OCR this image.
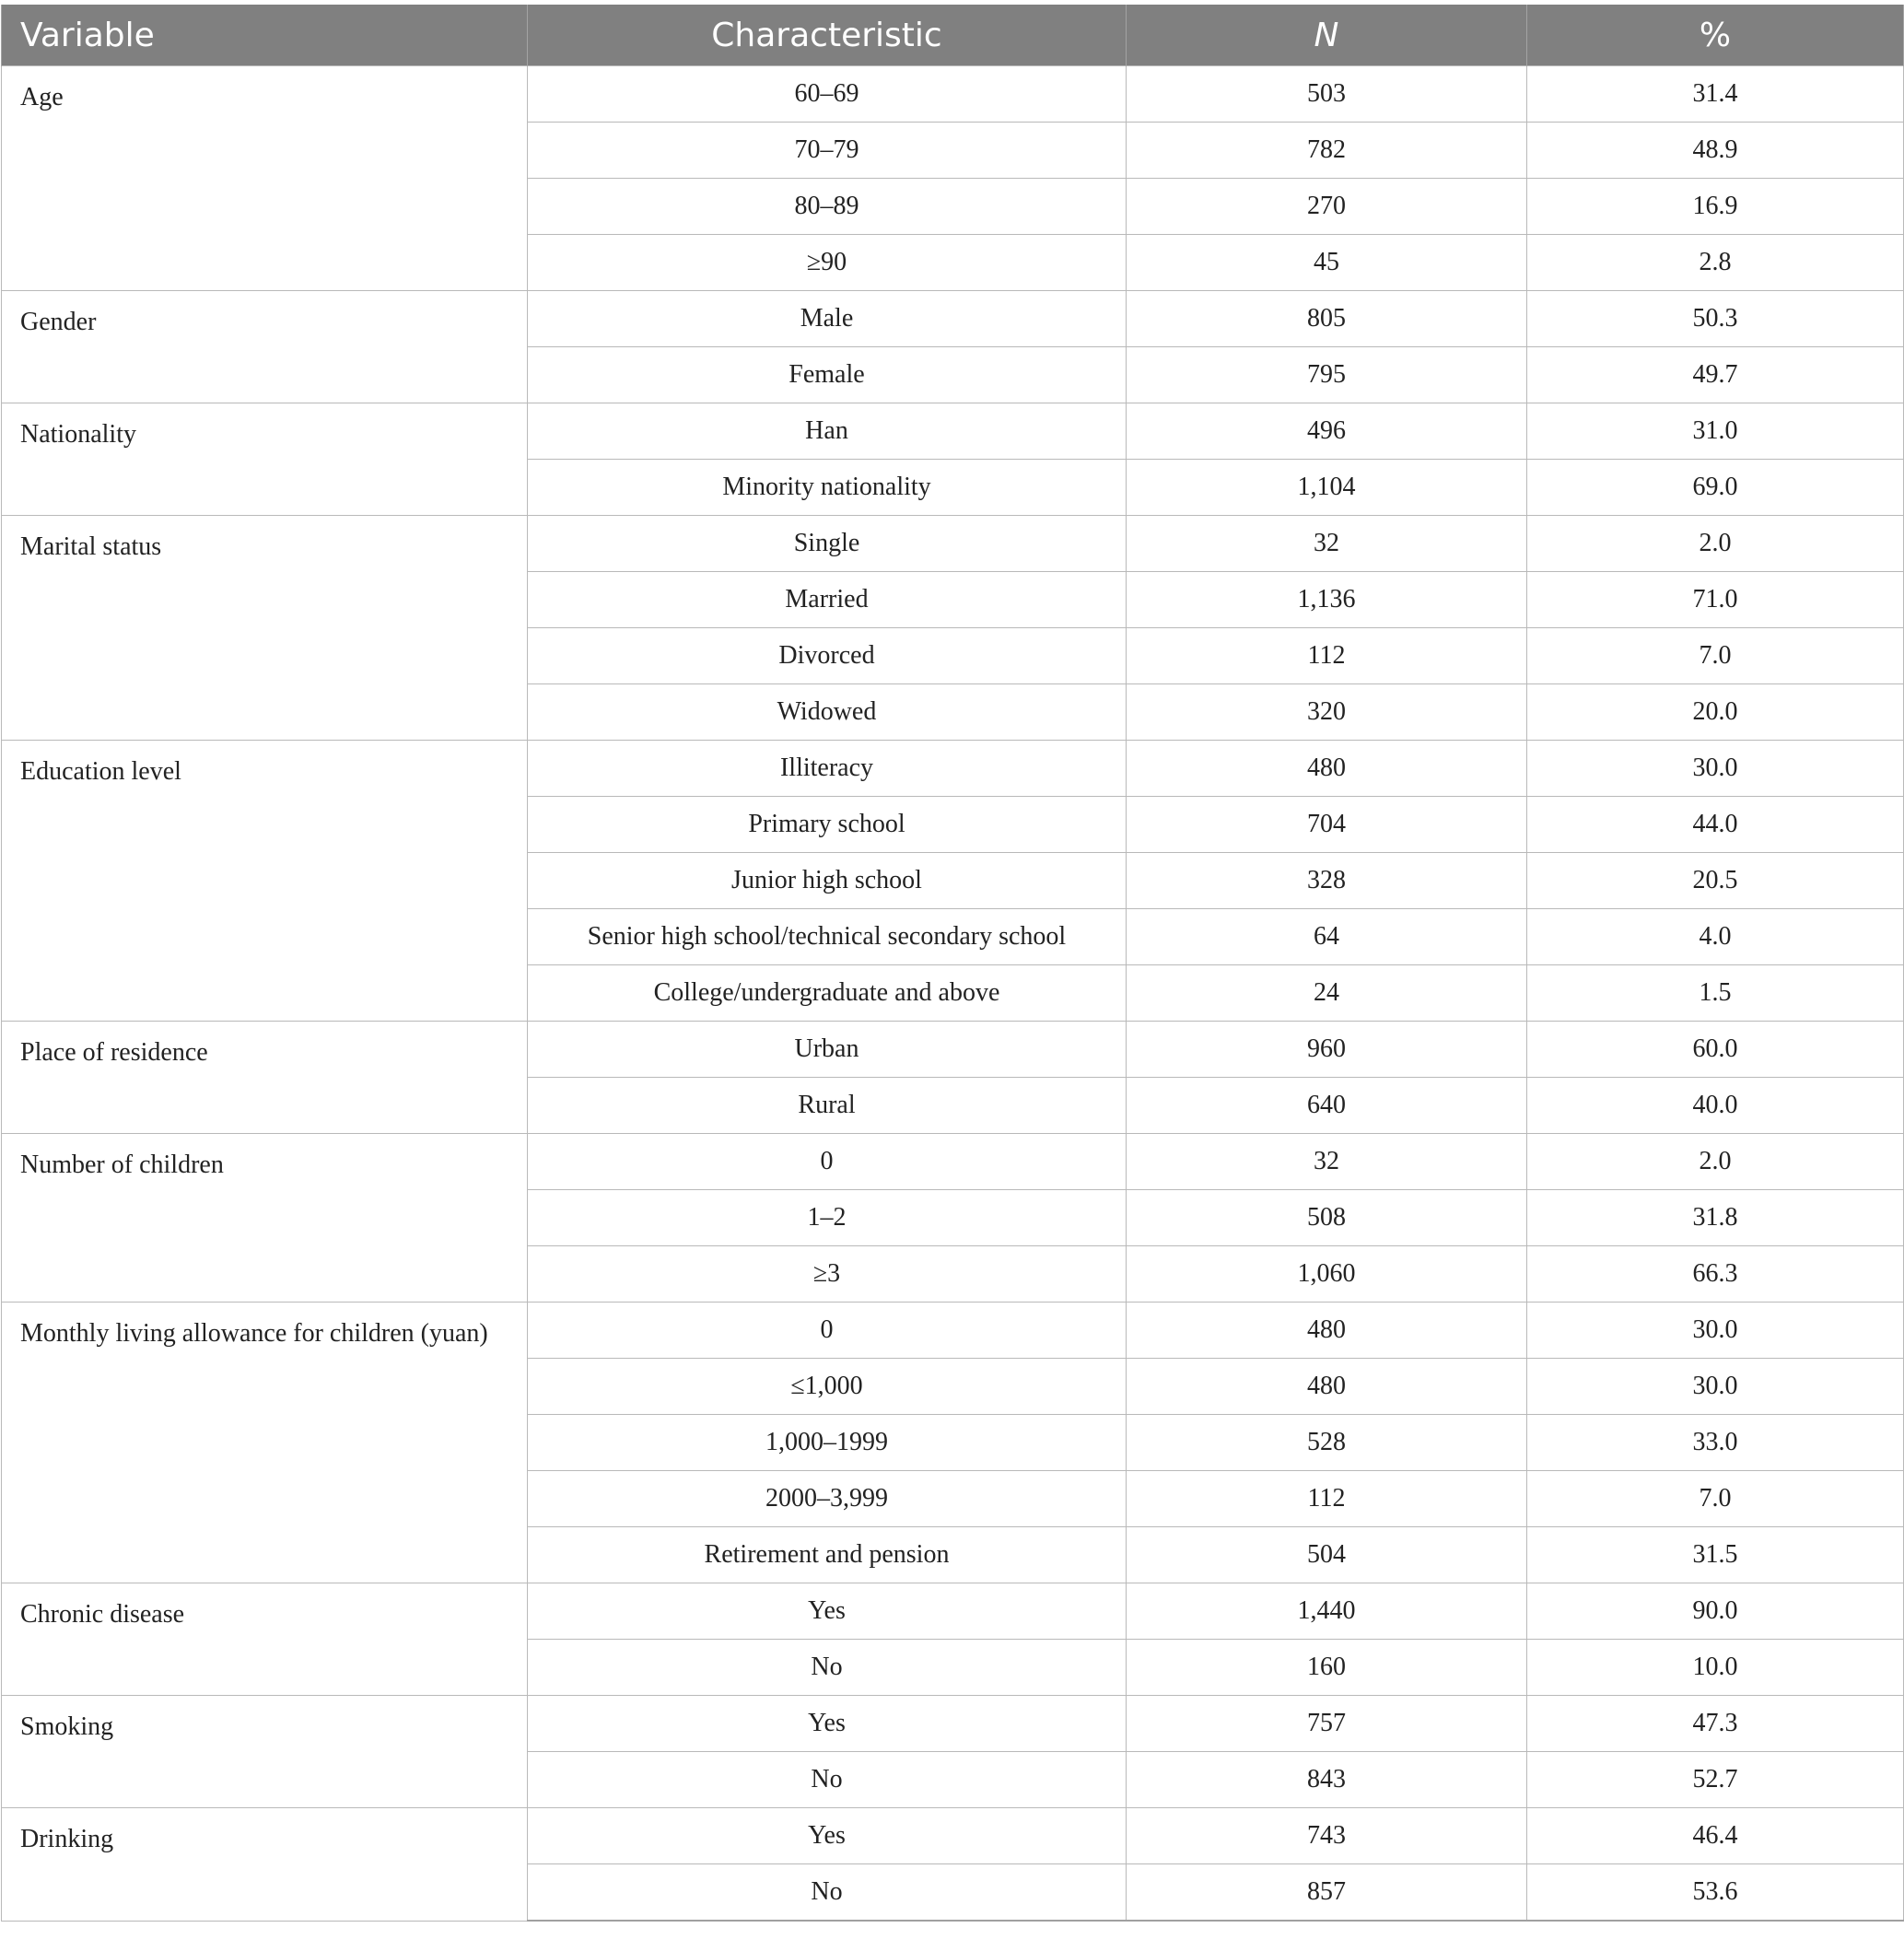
Variable	Characteristic	N	%
Age	60–69	503	31.4
	70–79	782	48.9
	80–89	270	16.9
	≥90	45	2.8
Gender	Male	805	50.3
	Female	795	49.7
Nationality	Han	496	31.0
	Minority nationality	1,104	69.0
Marital status	Single	32	2.0
	Married	1,136	71.0
	Divorced	112	7.0
	Widowed	320	20.0
Education level	Illiteracy	480	30.0
	Primary school	704	44.0
	Junior high school	328	20.5
	Senior high school/technical secondary school	64	4.0
	College/undergraduate and above	24	1.5
Place of residence	Urban	960	60.0
	Rural	640	40.0
Number of children	0	32	2.0
	1–2	508	31.8
	≥3	1,060	66.3
Monthly living allowance for children (yuan)	0	480	30.0
	≤1,000	480	30.0
	1,000–1999	528	33.0
	2000–3,999	112	7.0
	Retirement and pension	504	31.5
Chronic disease	Yes	1,440	90.0
	No	160	10.0
Smoking	Yes	757	47.3
	No	843	52.7
Drinking	Yes	743	46.4
	No	857	53.6
